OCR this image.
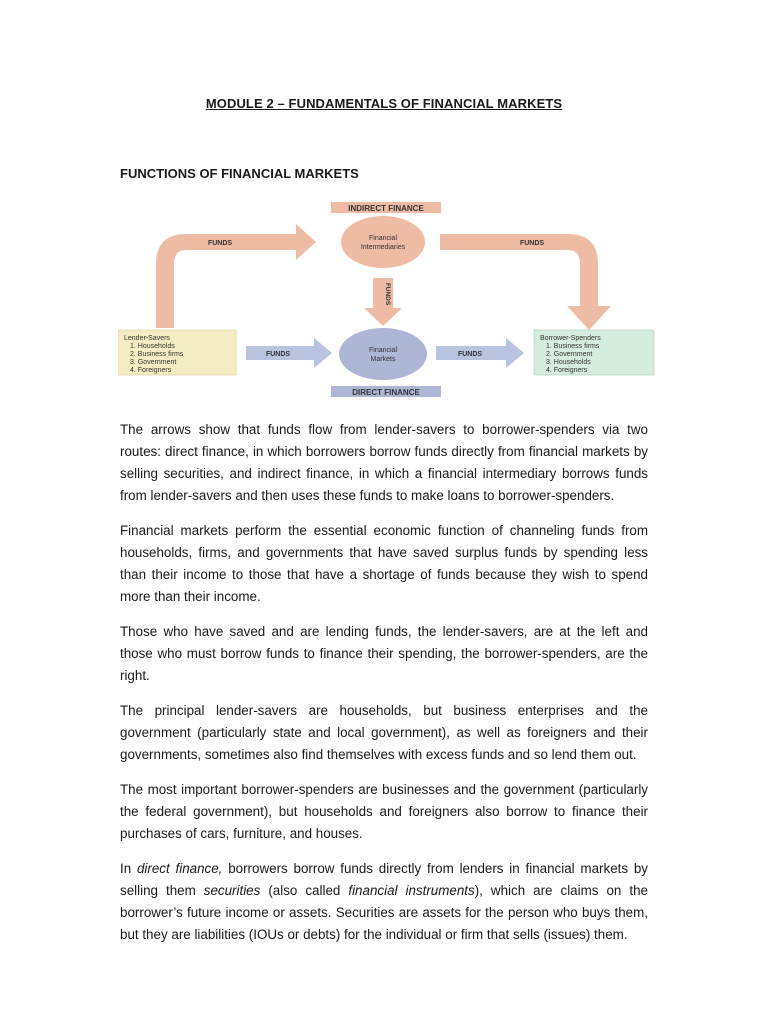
MODULE 2 – FUNDAMENTALS OF FINANCIAL MARKETS
FUNCTIONS OF FINANCIAL MARKETS
INDIRECT FINANCE
FUNDS	FUNDS
Financial
Intermediaries
FUNDS
Financial
Markets
Lender-Savers
1. Households
2. Business firms
3. Government
4. Foreigners
FUNDS	FUNDS
Borrower-Spenders
1. Business firms
2. Government
3. Households
4. Foreigners
DIRECT FINANCE

The arrows show that funds flow from lender-savers to borrower-spenders via two routes: direct finance, in which borrowers borrow funds directly from financial markets by selling securities, and indirect finance, in which a financial intermediary borrows funds from lender-savers and then uses these funds to make loans to borrower-spenders.

Financial markets perform the essential economic function of channeling funds from households, firms, and governments that have saved surplus funds by spending less than their income to those that have a shortage of funds because they wish to spend more than their income.

Those who have saved and are lending funds, the lender-savers, are at the left and those who must borrow funds to finance their spending, the borrower-spenders, are the right.

The principal lender-savers are households, but business enterprises and the government (particularly state and local government), as well as foreigners and their governments, sometimes also find themselves with excess funds and so lend them out.

The most important borrower-spenders are businesses and the government (particularly the federal government), but households and foreigners also borrow to finance their purchases of cars, furniture, and houses.

In direct finance, borrowers borrow funds directly from lenders in financial markets by selling them securities (also called financial instruments), which are claims on the borrower’s future income or assets. Securities are assets for the person who buys them, but they are liabilities (IOUs or debts) for the individual or firm that sells (issues) them.
